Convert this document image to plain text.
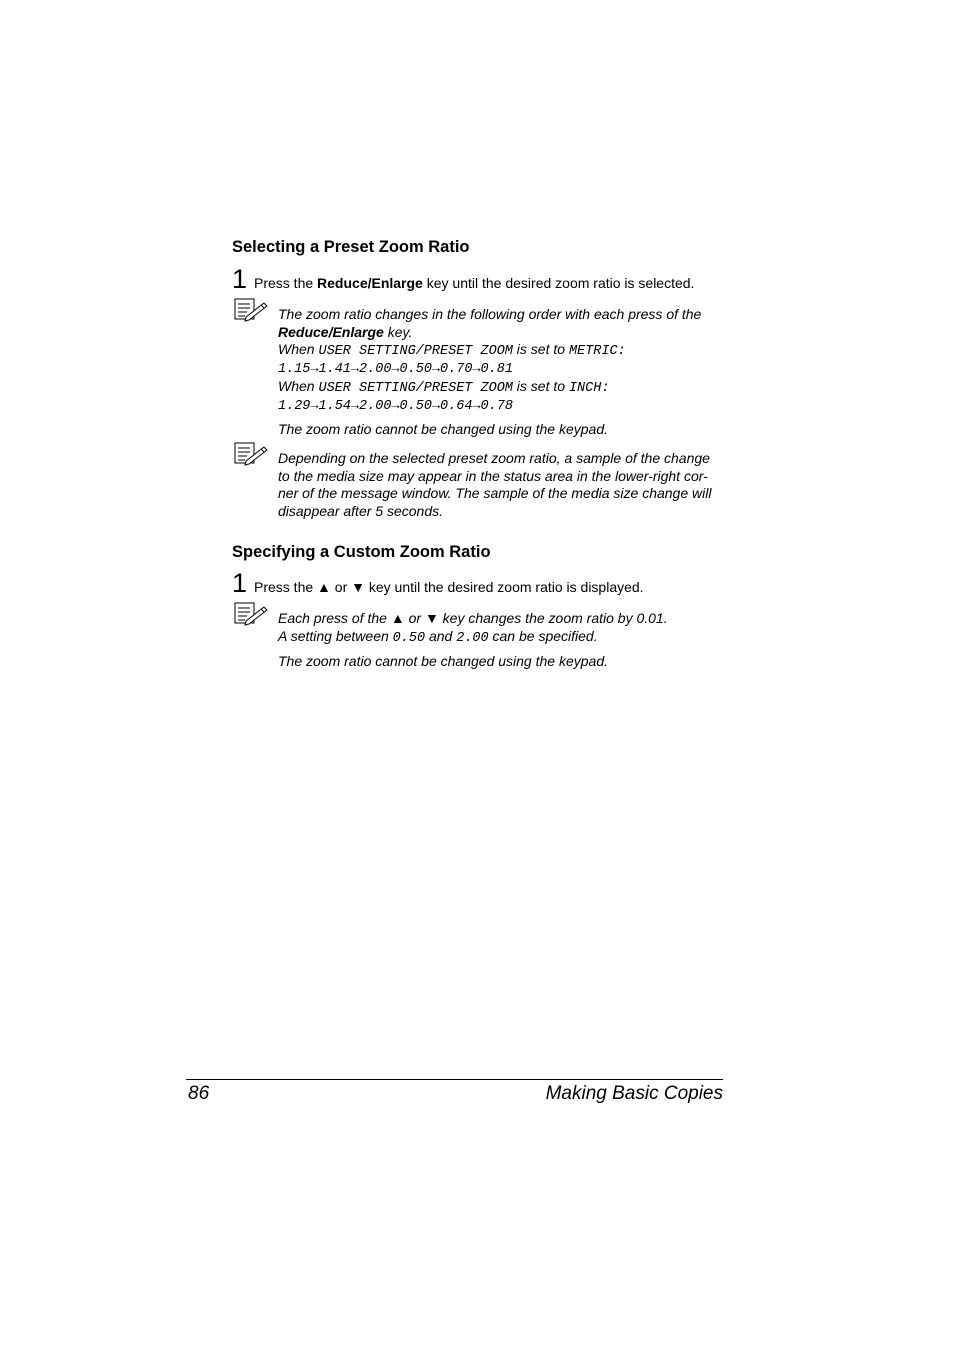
Selecting a Preset Zoom Ratio
1 Press the Reduce/Enlarge key until the desired zoom ratio is selected.

The zoom ratio changes in the following order with each press of the

Reduce/Enlarge key.

When USER SETTING/PRESET ZOOM is set to METRIC:

1.15→1.41→2.00→0.50→0.70→0.81

When USER SETTING/PRESET ZOOM is set to INCH:

1.29→1.54→2.00→0.50→0.64→0.78

The zoom ratio cannot be changed using the keypad.

Depending on the selected preset zoom ratio, a sample of the change

to the media size may appear in the status area in the lower-right cor-

ner of the message window. The sample of the media size change will

disappear after 5 seconds.

Specifying a Custom Zoom Ratio
1 Press the ▲ or ▼ key until the desired zoom ratio is displayed.

Each press of the ▲ or ▼ key changes the zoom ratio by 0.01.

A setting between 0.50 and 2.00 can be specified.

The zoom ratio cannot be changed using the keypad.

86	Making Basic Copies
